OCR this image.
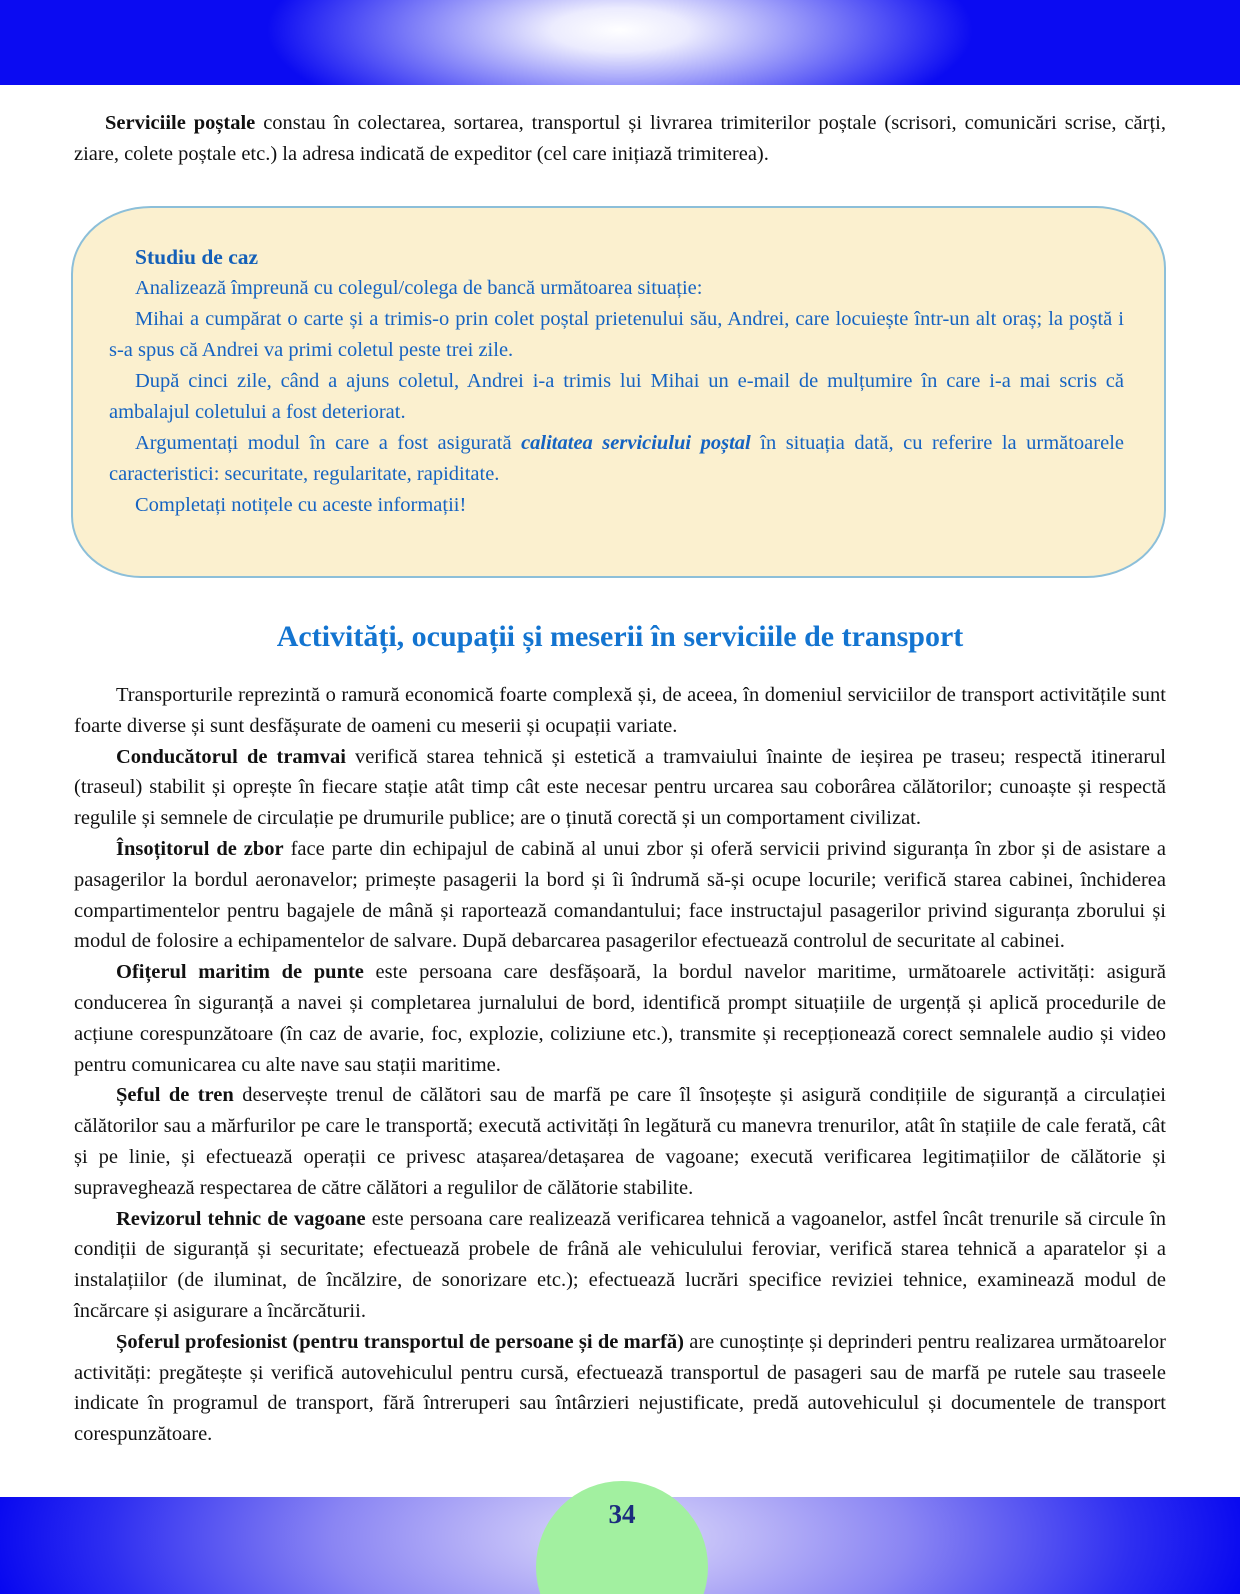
Serviciile poștale constau în colectarea, sortarea, transportul și livrarea trimiterilor poștale (scrisori, comunicări scrise, cărți, ziare, colete poștale etc.) la adresa indicată de expeditor (cel care inițiază trimiterea).

Studiu de caz

Analizează împreună cu colegul/colega de bancă următoarea situație:

Mihai a cumpărat o carte și a trimis-o prin colet poștal prietenului său, Andrei, care locuiește într-un alt oraș; la poștă i s-a spus că Andrei va primi coletul peste trei zile.

După cinci zile, când a ajuns coletul, Andrei i-a trimis lui Mihai un e-mail de mulțumire în care i-a mai scris că ambalajul coletului a fost deteriorat.

Argumentați modul în care a fost asigurată calitatea serviciului poștal în situația dată, cu referire la următoarele caracteristici: securitate, regularitate, rapiditate.

Completați notițele cu aceste informații!

Activități, ocupații și meserii în serviciile de transport

Transporturile reprezintă o ramură economică foarte complexă și, de aceea, în domeniul serviciilor de transport activitățile sunt foarte diverse și sunt desfășurate de oameni cu meserii și ocupații variate.

Conducătorul de tramvai verifică starea tehnică și estetică a tramvaiului înainte de ieșirea pe traseu; respectă itinerarul (traseul) stabilit și oprește în fiecare stație atât timp cât este necesar pentru urcarea sau coborârea călătorilor; cunoaște și respectă regulile și semnele de circulație pe drumurile publice; are o ținută corectă și un comportament civilizat.

Însoțitorul de zbor face parte din echipajul de cabină al unui zbor și oferă servicii privind siguranța în zbor și de asistare a pasagerilor la bordul aeronavelor; primește pasagerii la bord și îi îndrumă să-și ocupe locurile; verifică starea cabinei, închiderea compartimentelor pentru bagajele de mână și raportează comandantului; face instructajul pasagerilor privind siguranța zborului și modul de folosire a echipamentelor de salvare. După debarcarea pasagerilor efectuează controlul de securitate al cabinei.

Ofițerul maritim de punte este persoana care desfășoară, la bordul navelor maritime, următoarele activități: asigură conducerea în siguranță a navei și completarea jurnalului de bord, identifică prompt situațiile de urgență și aplică procedurile de acțiune corespunzătoare (în caz de avarie, foc, explozie, coliziune etc.), transmite și recepționează corect semnalele audio și video pentru comunicarea cu alte nave sau stații maritime.

Șeful de tren deservește trenul de călători sau de marfă pe care îl însoțește și asigură condițiile de siguranță a circulației călătorilor sau a mărfurilor pe care le transportă; execută activități în legătură cu manevra trenurilor, atât în stațiile de cale ferată, cât și pe linie, și efectuează operații ce privesc atașarea/detașarea de vagoane; execută verificarea legitimațiilor de călătorie și supraveghează respectarea de către călători a regulilor de călătorie stabilite.

Revizorul tehnic de vagoane este persoana care realizează verificarea tehnică a vagoanelor, astfel încât trenurile să circule în condiții de siguranță și securitate; efectuează probele de frână ale vehiculului feroviar, verifică starea tehnică a aparatelor și a instalațiilor (de iluminat, de încălzire, de sonorizare etc.); efectuează lucrări specifice reviziei tehnice, examinează modul de încărcare și asigurare a încărcăturii.

Șoferul profesionist (pentru transportul de persoane și de marfă) are cunoștințe și deprinderi pentru realizarea următoarelor activități: pregătește și verifică autovehiculul pentru cursă, efectuează transportul de pasageri sau de marfă pe rutele sau traseele indicate în programul de transport, fără întreruperi sau întârzieri nejustificate, predă autovehiculul și documentele de transport corespunzătoare.

34
